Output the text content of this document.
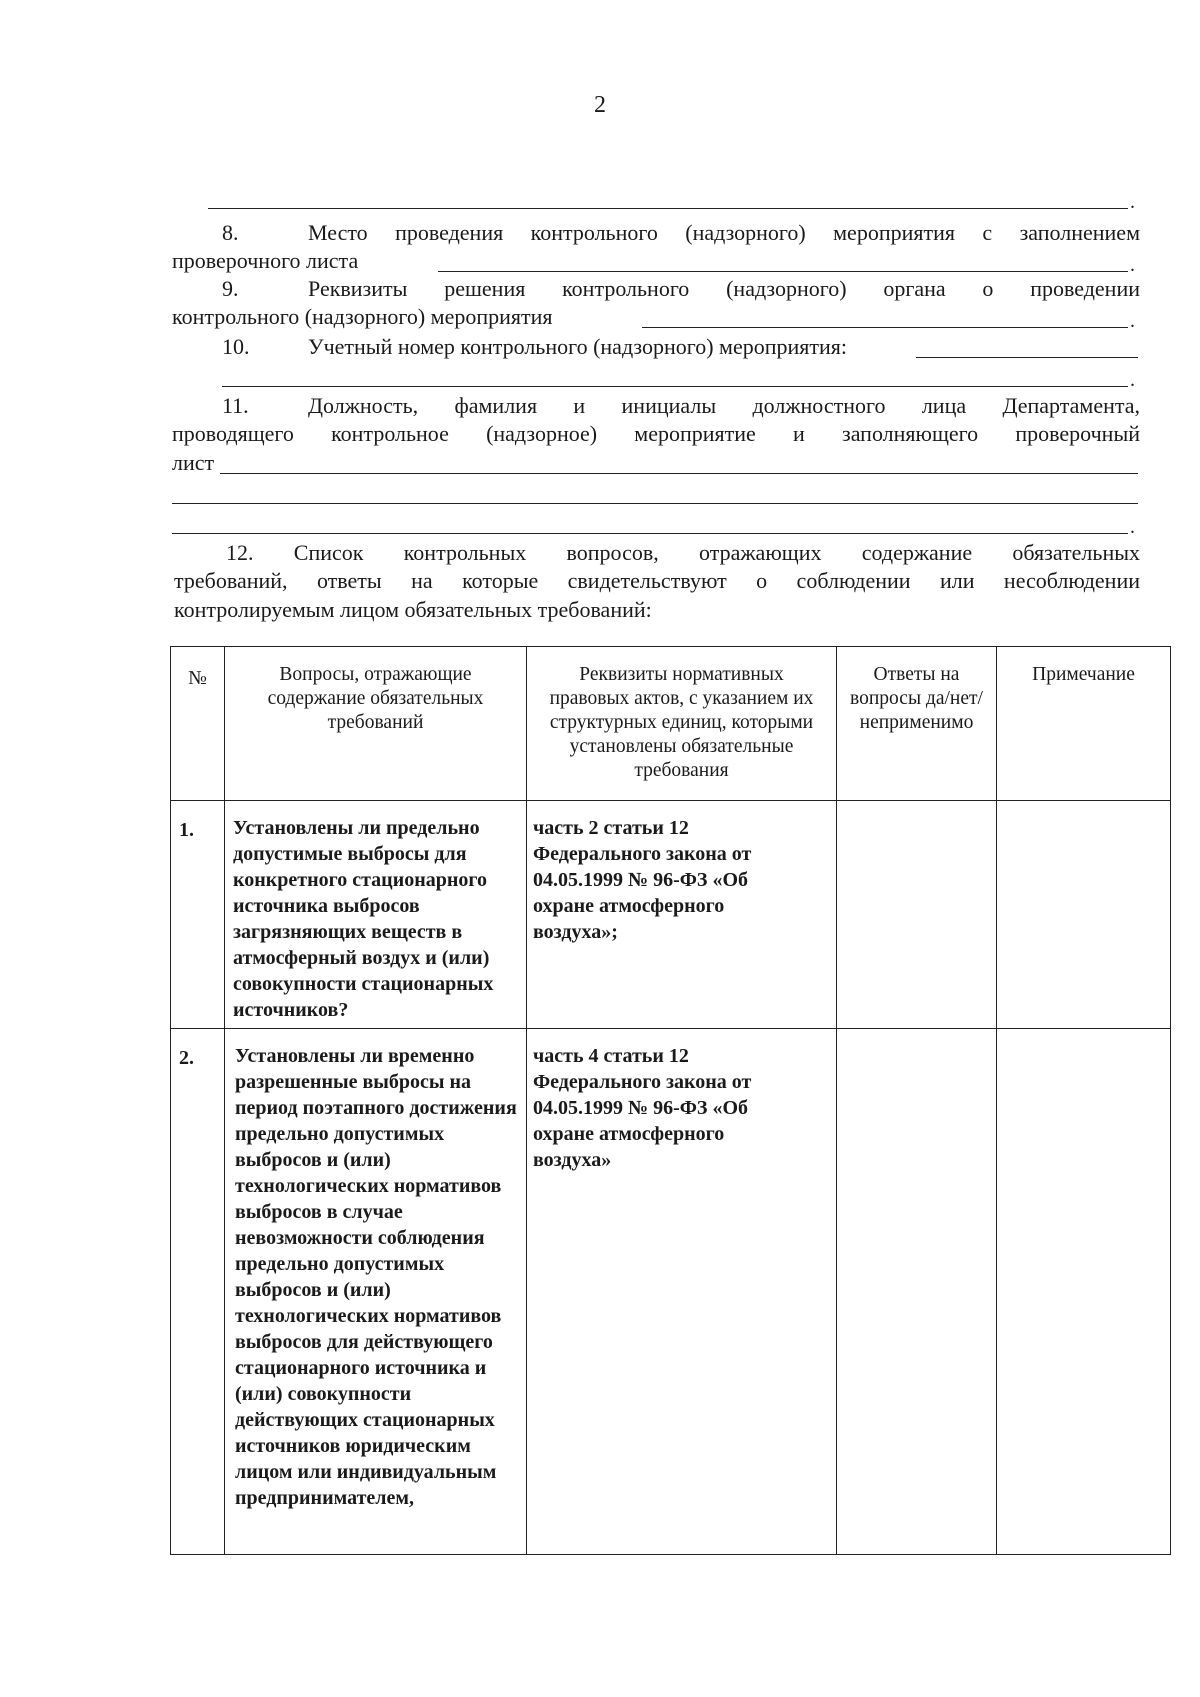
2
.
8.	Место проведения контрольного (надзорного) мероприятия с заполнением
проверочного листа	.
9.	Реквизиты решения контрольного (надзорного) органа о проведении
контрольного (надзорного) мероприятия	.
10.	Учетный номер контрольного (надзорного) мероприятия:
.
11.	Должность, фамилия и инициалы должностного лица Департамента,
проводящего контрольное (надзорное) мероприятие и заполняющего проверочный
лист
.
12. Список контрольных вопросов, отражающих содержание обязательных
требований, ответы на которые свидетельствуют о соблюдении или несоблюдении
контролируемым лицом обязательных требований:
№	Вопросы, отражающие содержание обязательных требований	Реквизиты нормативных правовых актов, с указанием их структурных единиц, которыми установлены обязательные требования	Ответы на вопросы да/нет/ неприменимо	Примечание
1.	Установлены ли предельно допустимые выбросы для конкретного стационарного источника выбросов загрязняющих веществ в атмосферный воздух и (или) совокупности стационарных источников?	часть 2 статьи 12 Федерального закона от 04.05.1999 № 96-ФЗ «Об охране атмосферного воздуха»;		
2.	Установлены ли временно разрешенные выбросы на период поэтапного достижения предельно допустимых выбросов и (или) технологических нормативов выбросов в случае невозможности соблюдения предельно допустимых выбросов и (или) технологических нормативов выбросов для действующего стационарного источника и (или) совокупности действующих стационарных источников юридическим лицом или индивидуальным предпринимателем,	часть 4 статьи 12 Федерального закона от 04.05.1999 № 96-ФЗ «Об охране атмосферного воздуха»		
